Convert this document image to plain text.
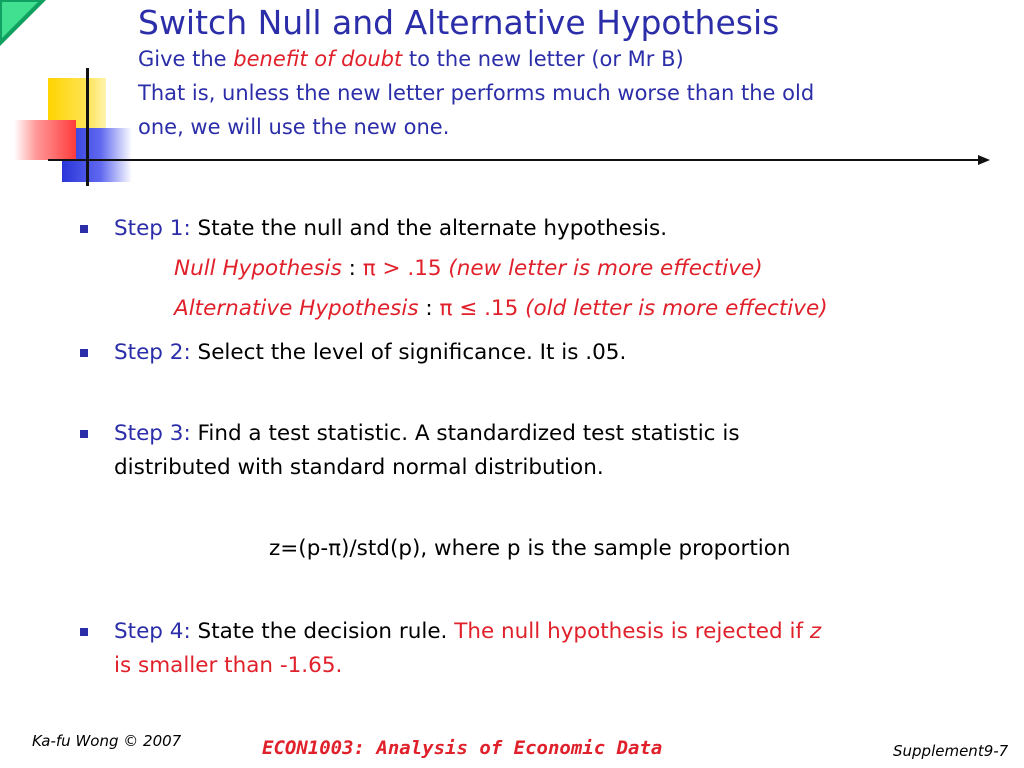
Switch Null and Alternative Hypothesis
Give the benefit of doubt to the new letter (or Mr B)
That is, unless the new letter performs much worse than the old
one, we will use the new one.
Step 1: State the null and the alternate hypothesis.
Null Hypothesis : π > .15 (new letter is more effective)
Alternative Hypothesis : π ≤ .15 (old letter is more effective)
Step 2: Select the level of significance. It is .05.
Step 3: Find a test statistic. A standardized test statistic is
distributed with standard normal distribution.
z=(p-π)/std(p), where p is the sample proportion
Step 4: State the decision rule. The null hypothesis is rejected if z
is smaller than -1.65.
Ka-fu Wong © 2007	ECON1003: Analysis of Economic Data	Supplement9-7
